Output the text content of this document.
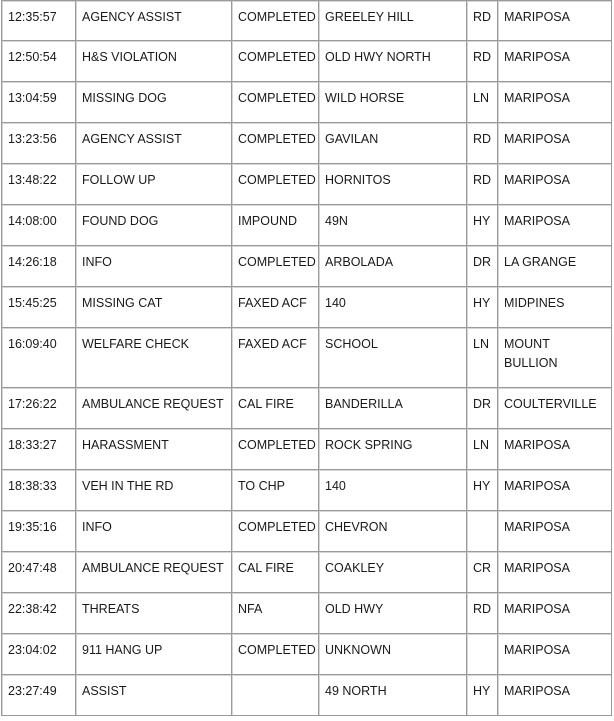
12:35:57	AGENCY ASSIST	COMPLETED	GREELEY HILL	RD	MARIPOSA
12:50:54	H&S VIOLATION	COMPLETED	OLD HWY NORTH	RD	MARIPOSA
13:04:59	MISSING DOG	COMPLETED	WILD HORSE	LN	MARIPOSA
13:23:56	AGENCY ASSIST	COMPLETED	GAVILAN	RD	MARIPOSA
13:48:22	FOLLOW UP	COMPLETED	HORNITOS	RD	MARIPOSA
14:08:00	FOUND DOG	IMPOUND	49N	HY	MARIPOSA
14:26:18	INFO	COMPLETED	ARBOLADA	DR	LA GRANGE
15:45:25	MISSING CAT	FAXED ACF	140	HY	MIDPINES
16:09:40	WELFARE CHECK	FAXED ACF	SCHOOL	LN	MOUNT BULLION
17:26:22	AMBULANCE REQUEST	CAL FIRE	BANDERILLA	DR	COULTERVILLE
18:33:27	HARASSMENT	COMPLETED	ROCK SPRING	LN	MARIPOSA
18:38:33	VEH IN THE RD	TO CHP	140	HY	MARIPOSA
19:35:16	INFO	COMPLETED	CHEVRON		MARIPOSA
20:47:48	AMBULANCE REQUEST	CAL FIRE	COAKLEY	CR	MARIPOSA
22:38:42	THREATS	NFA	OLD HWY	RD	MARIPOSA
23:04:02	911 HANG UP	COMPLETED	UNKNOWN		MARIPOSA
23:27:49	ASSIST		49 NORTH	HY	MARIPOSA
